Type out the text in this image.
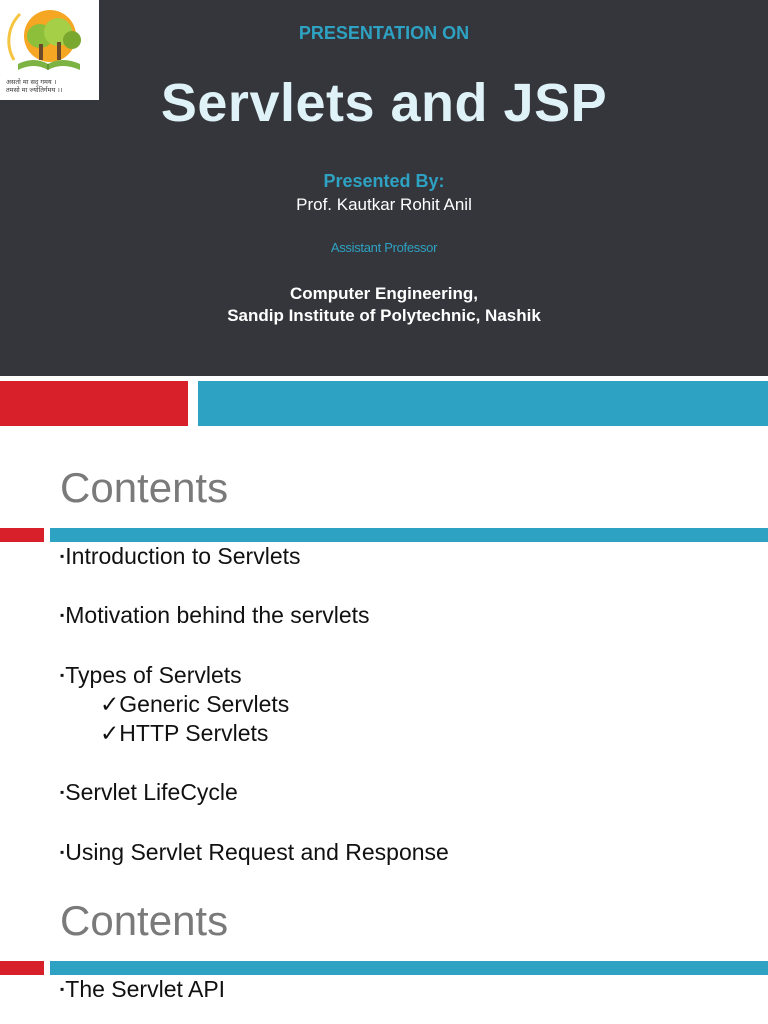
असतो मा सद् गमय ।
तमसो मा ज्योतिर्गमय ।।
PRESENTATION ON
Servlets and JSP
Presented By:
Prof. Kautkar Rohit Anil
Assistant Professor
Computer Engineering,
Sandip Institute of Polytechnic, Nashik
Contents
▪Introduction to Servlets
▪Motivation behind the servlets
▪Types of Servlets
✓Generic Servlets
✓HTTP Servlets
▪Servlet LifeCycle
▪Using Servlet Request and Response
Contents
▪The Servlet API
